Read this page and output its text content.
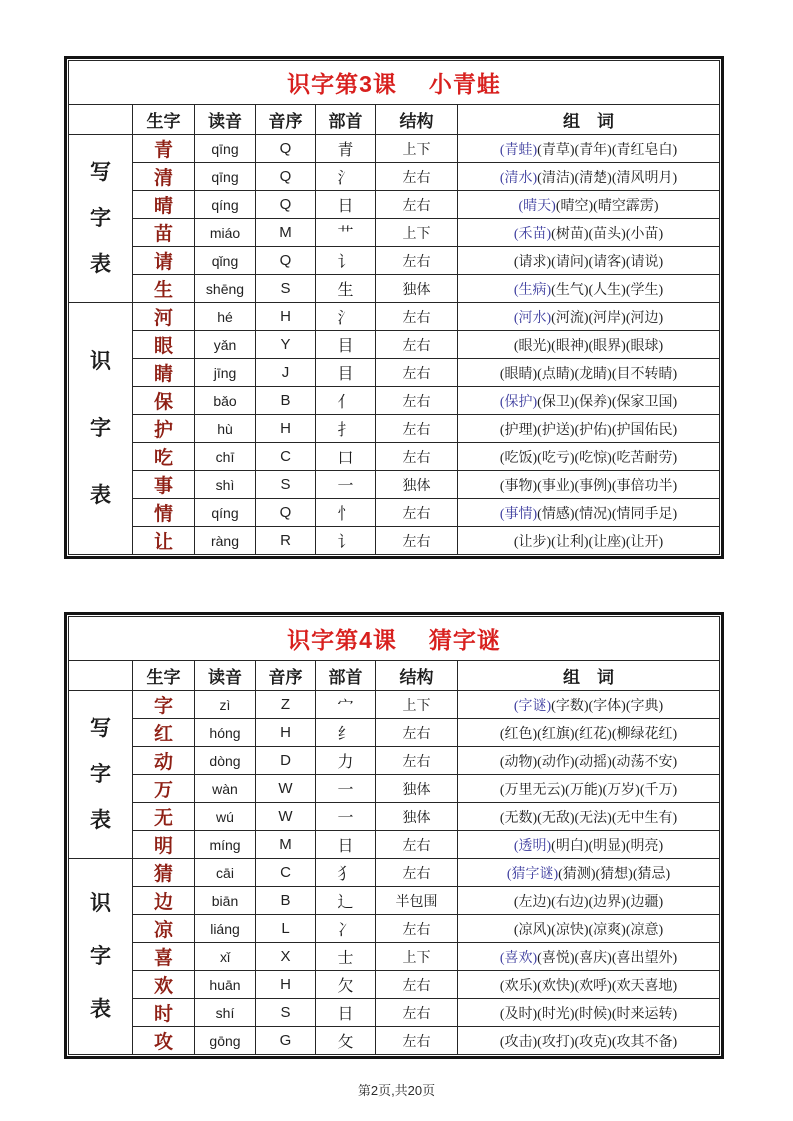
识字第3课 小青蛙						
	生字	读音	音序	部首	结构	组　词

写
字
表	青	qīng	Q	青	上下	(青蛙)(青草)(青年)(青红皂白)
	清	qīng	Q	氵	左右	(清水)(清洁)(清楚)(清风明月)
	晴	qíng	Q	日	左右	(晴天)(晴空)(晴空霹雳)
	苗	miáo	M	艹	上下	(禾苗)(树苗)(苗头)(小苗)
	请	qǐng	Q	讠	左右	(请求)(请问)(请客)(请说)
	生	shēng	S	生	独体	(生病)(生气)(人生)(学生)

识
字
表	河	hé	H	氵	左右	(河水)(河流)(河岸)(河边)
	眼	yǎn	Y	目	左右	(眼光)(眼神)(眼界)(眼球)
	睛	jīng	J	目	左右	(眼睛)(点睛)(龙睛)(目不转睛)
	保	bǎo	B	亻	左右	(保护)(保卫)(保养)(保家卫国)
	护	hù	H	扌	左右	(护理)(护送)(护佑)(护国佑民)
	吃	chī	C	口	左右	(吃饭)(吃亏)(吃惊)(吃苦耐劳)
	事	shì	S	一	独体	(事物)(事业)(事例)(事倍功半)
	情	qíng	Q	忄	左右	(事情)(情感)(情况)(情同手足)
	让	ràng	R	讠	左右	(让步)(让利)(让座)(让开)
识字第4课 猜字谜						
	生字	读音	音序	部首	结构	组　词

写
字
表	字	zì	Z	宀	上下	(字谜)(字数)(字体)(字典)
	红	hóng	H	纟	左右	(红色)(红旗)(红花)(柳绿花红)
	动	dòng	D	力	左右	(动物)(动作)(动摇)(动荡不安)
	万	wàn	W	一	独体	(万里无云)(万能)(万岁)(千万)
	无	wú	W	一	独体	(无数)(无敌)(无法)(无中生有)
	明	míng	M	日	左右	(透明)(明白)(明显)(明亮)

识
字
表	猜	cāi	C	犭	左右	(猜字谜)(猜测)(猜想)(猜忌)
	边	biān	B	辶	半包围	(左边)(右边)(边界)(边疆)
	凉	liáng	L	冫	左右	(凉风)(凉快)(凉爽)(凉意)
	喜	xǐ	X	士	上下	(喜欢)(喜悦)(喜庆)(喜出望外)
	欢	huān	H	欠	左右	(欢乐)(欢快)(欢呼)(欢天喜地)
	时	shí	S	日	左右	(及时)(时光)(时候)(时来运转)
	攻	gōng	G	攵	左右	(攻击)(攻打)(攻克)(攻其不备)
第2页,共20页
